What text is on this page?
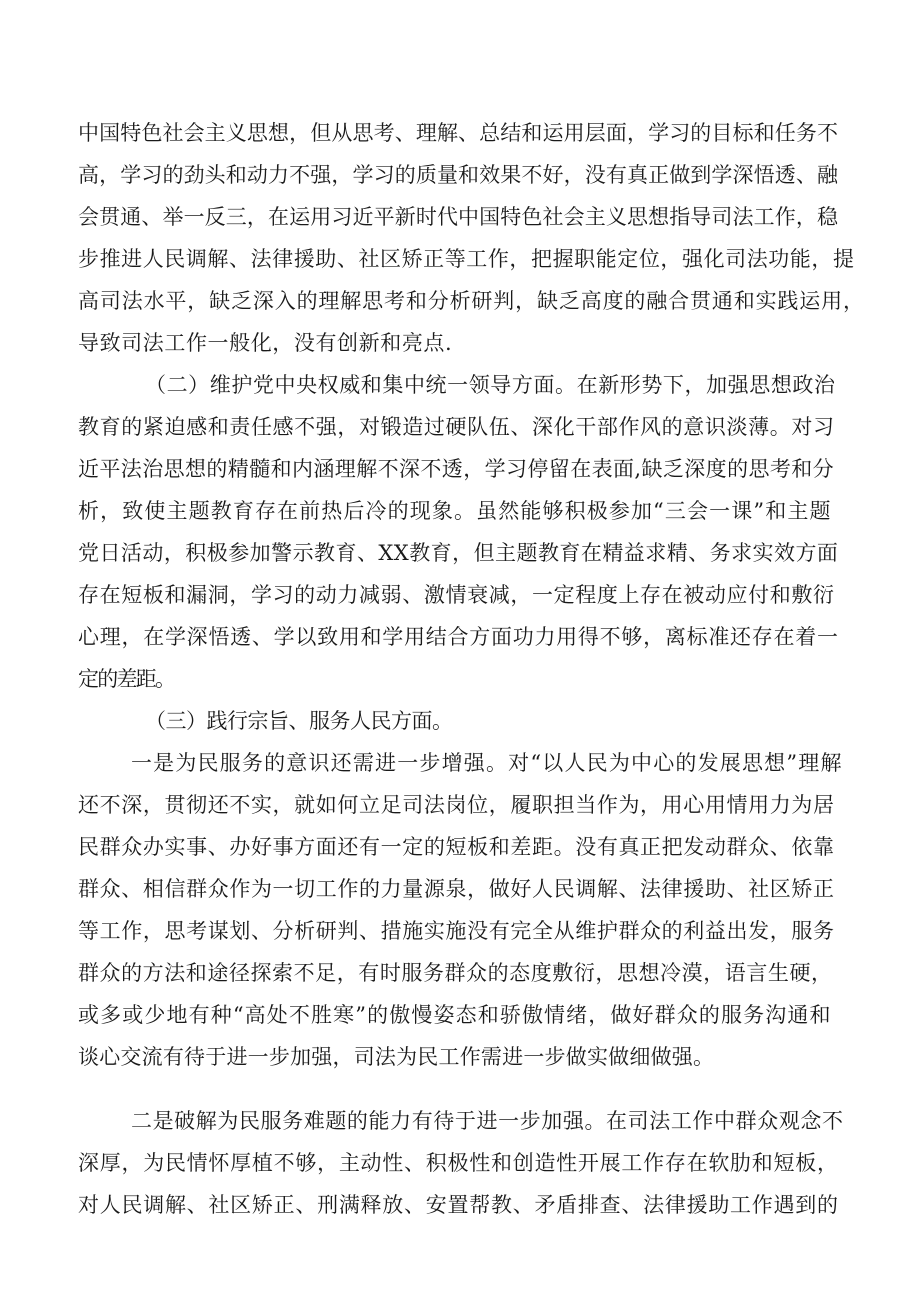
中国特色社会主义思想，但从思考、理解、总结和运用层面，学习的目标和任务不
高，学习的劲头和动力不强，学习的质量和效果不好，没有真正做到学深悟透、融
会贯通、举一反三，在运用习近平新时代中国特色社会主义思想指导司法工作，稳
步推进人民调解、法律援助、社区矫正等工作，把握职能定位，强化司法功能，提
高司法水平，缺乏深入的理解思考和分析研判，缺乏高度的融合贯通和实践运用，
导致司法工作一般化，没有创新和亮点.
（二）维护党中央权威和集中统一领导方面。在新形势下，加强思想政治
教育的紧迫感和责任感不强，对锻造过硬队伍、深化干部作风的意识淡薄。对习
近平法治思想的精髓和内涵理解不深不透，学习停留在表面,缺乏深度的思考和分
析，致使主题教育存在前热后冷的现象。虽然能够积极参加“三会一课”和主题
党日活动，积极参加警示教育、XX教育，但主题教育在精益求精、务求实效方面
存在短板和漏洞，学习的动力减弱、激情衰减，一定程度上存在被动应付和敷衍
心理，在学深悟透、学以致用和学用结合方面功力用得不够，离标准还存在着一
定的差距。
（三）践行宗旨、服务人民方面。
一是为民服务的意识还需进一步增强。对“以人民为中心的发展思想”理解
还不深，贯彻还不实，就如何立足司法岗位，履职担当作为，用心用情用力为居
民群众办实事、办好事方面还有一定的短板和差距。没有真正把发动群众、依靠
群众、相信群众作为一切工作的力量源泉，做好人民调解、法律援助、社区矫正
等工作，思考谋划、分析研判、措施实施没有完全从维护群众的利益出发，服务
群众的方法和途径探索不足，有时服务群众的态度敷衍，思想冷漠，语言生硬，
或多或少地有种“高处不胜寒”的傲慢姿态和骄傲情绪，做好群众的服务沟通和
谈心交流有待于进一步加强，司法为民工作需进一步做实做细做强。
二是破解为民服务难题的能力有待于进一步加强。在司法工作中群众观念不
深厚，为民情怀厚植不够，主动性、积极性和创造性开展工作存在软肋和短板，
对人民调解、社区矫正、刑满释放、安置帮教、矛盾排查、法律援助工作遇到的
